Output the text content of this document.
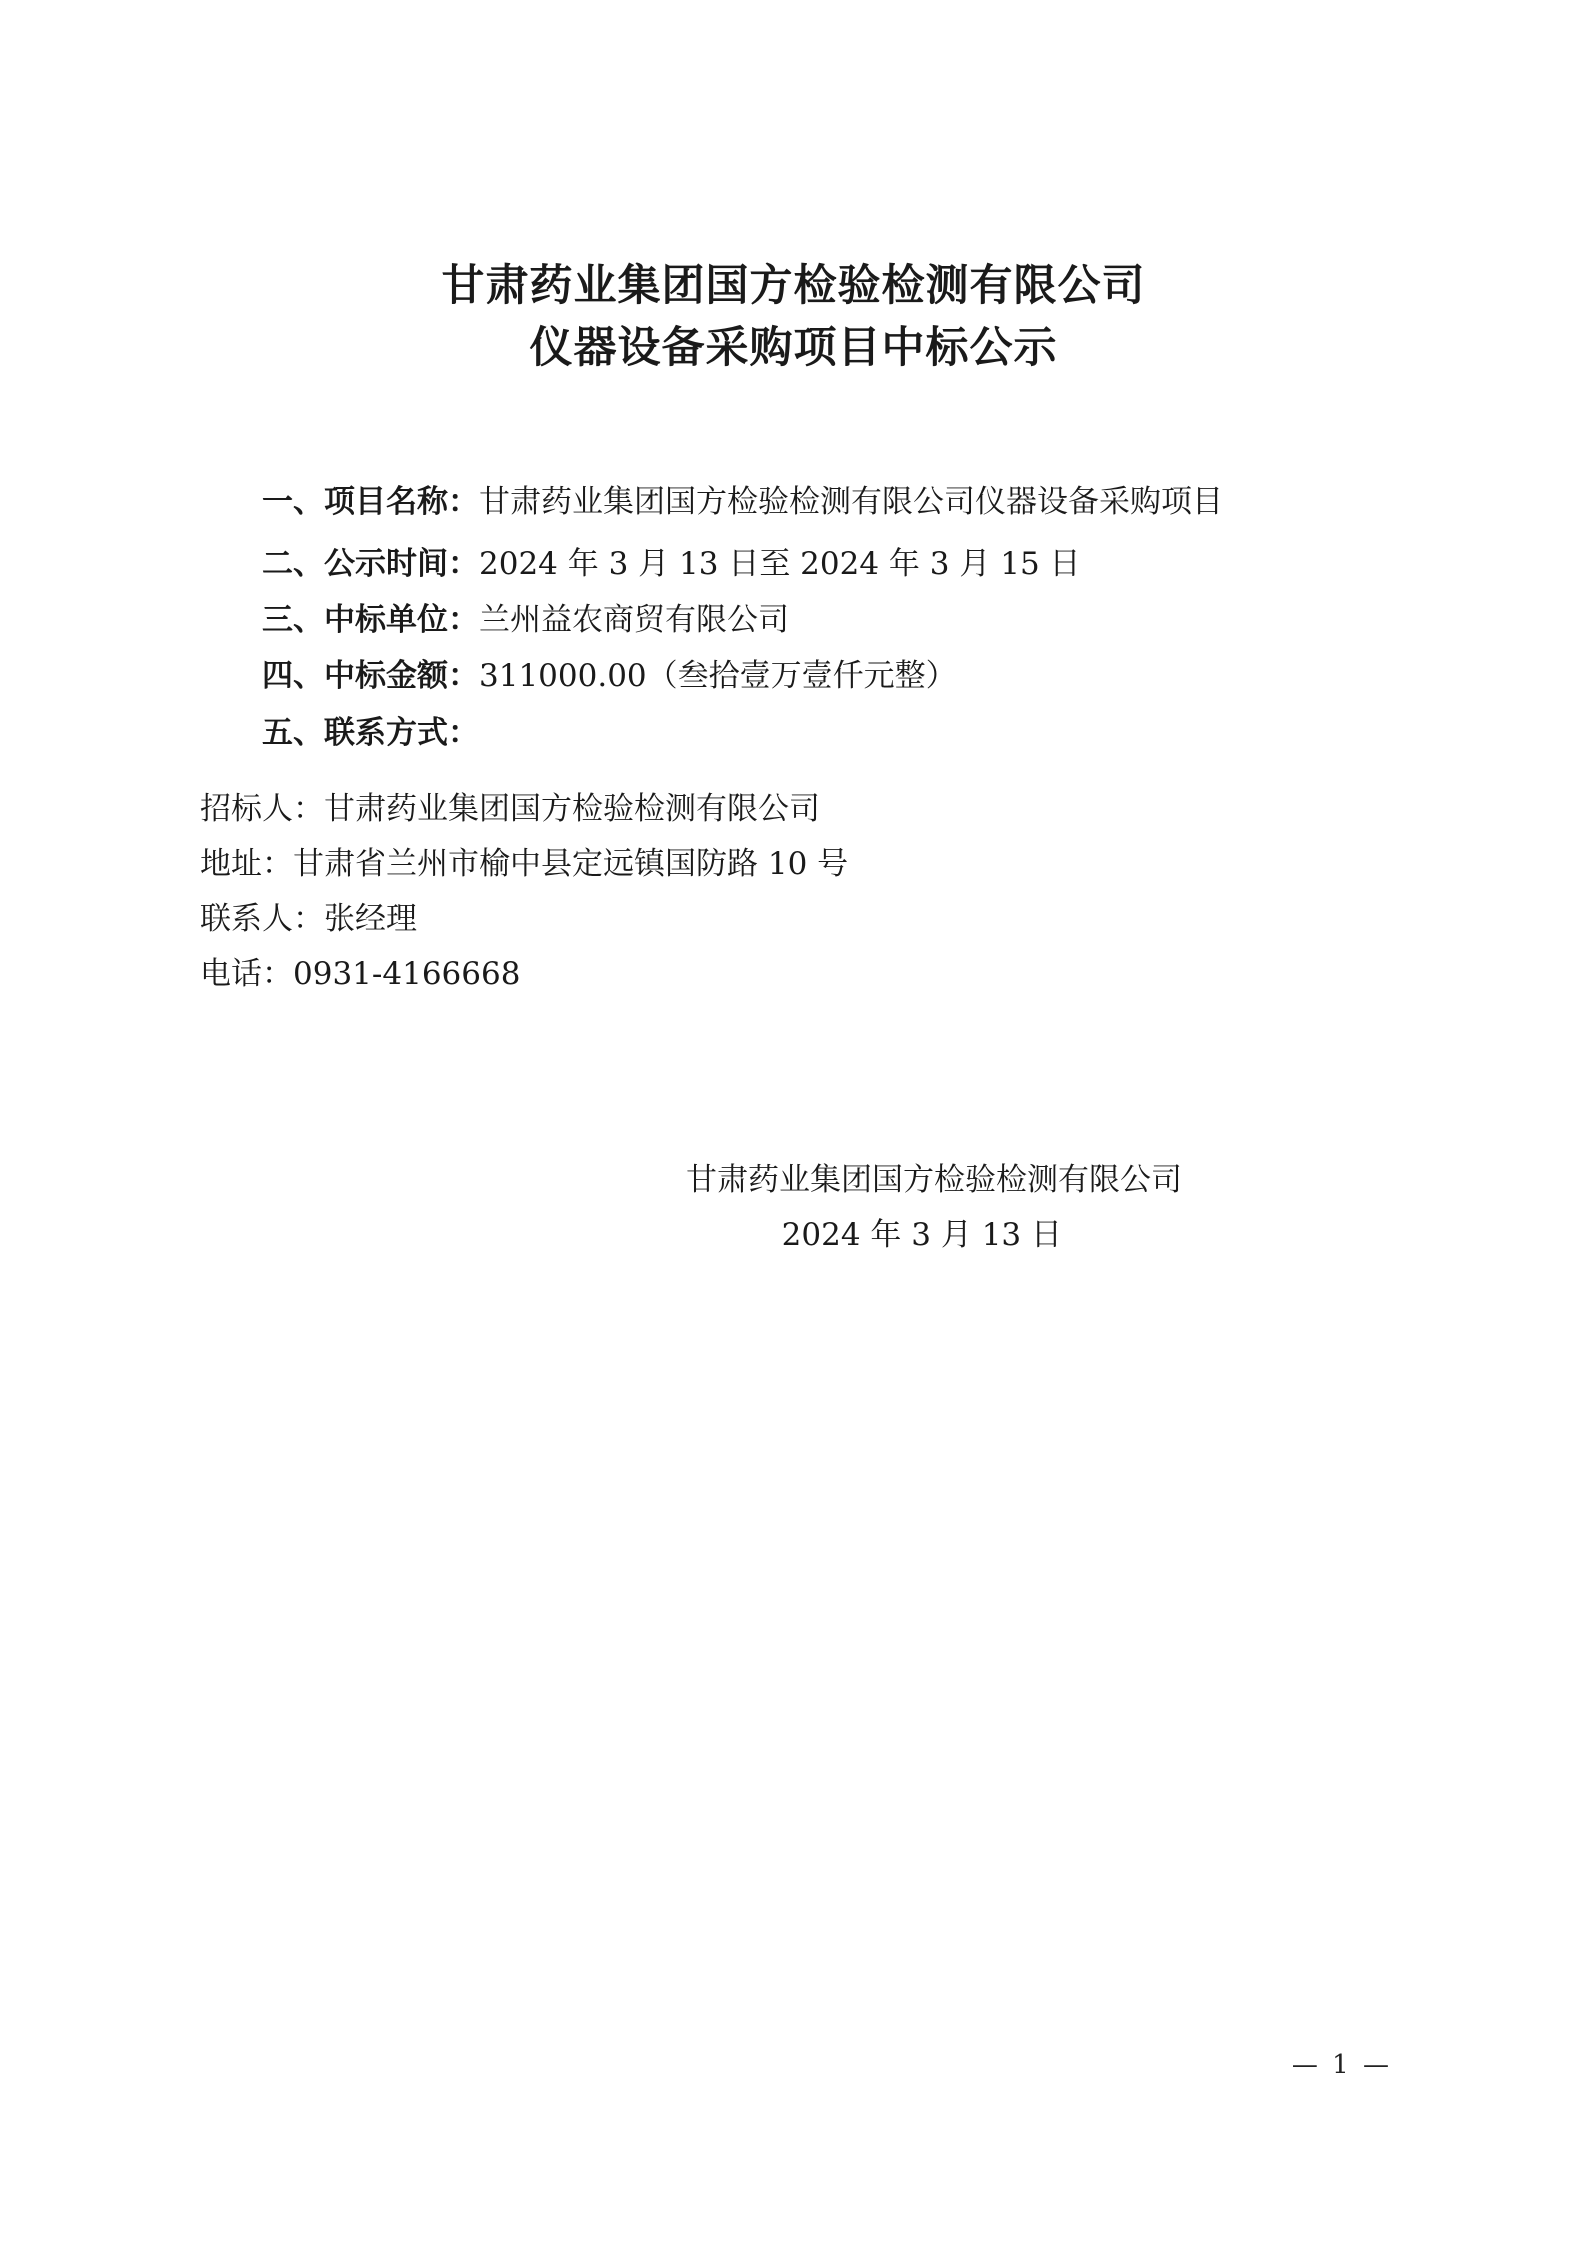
甘肃药业集团国方检验检测有限公司
仪器设备采购项目中标公示

一、项目名称：甘肃药业集团国方检验检测有限公司仪器设备采购项目

二、公示时间：2024 年 3 月 13 日至 2024 年 3 月 15 日

三、中标单位：兰州益农商贸有限公司

四、中标金额：311000.00（叁拾壹万壹仟元整）

五、联系方式：

招标人：甘肃药业集团国方检验检测有限公司

地址：甘肃省兰州市榆中县定远镇国防路 10 号

联系人：张经理

电话：0931-4166668

甘肃药业集团国方检验检测有限公司

2024 年 3 月 13 日

— 1 —
